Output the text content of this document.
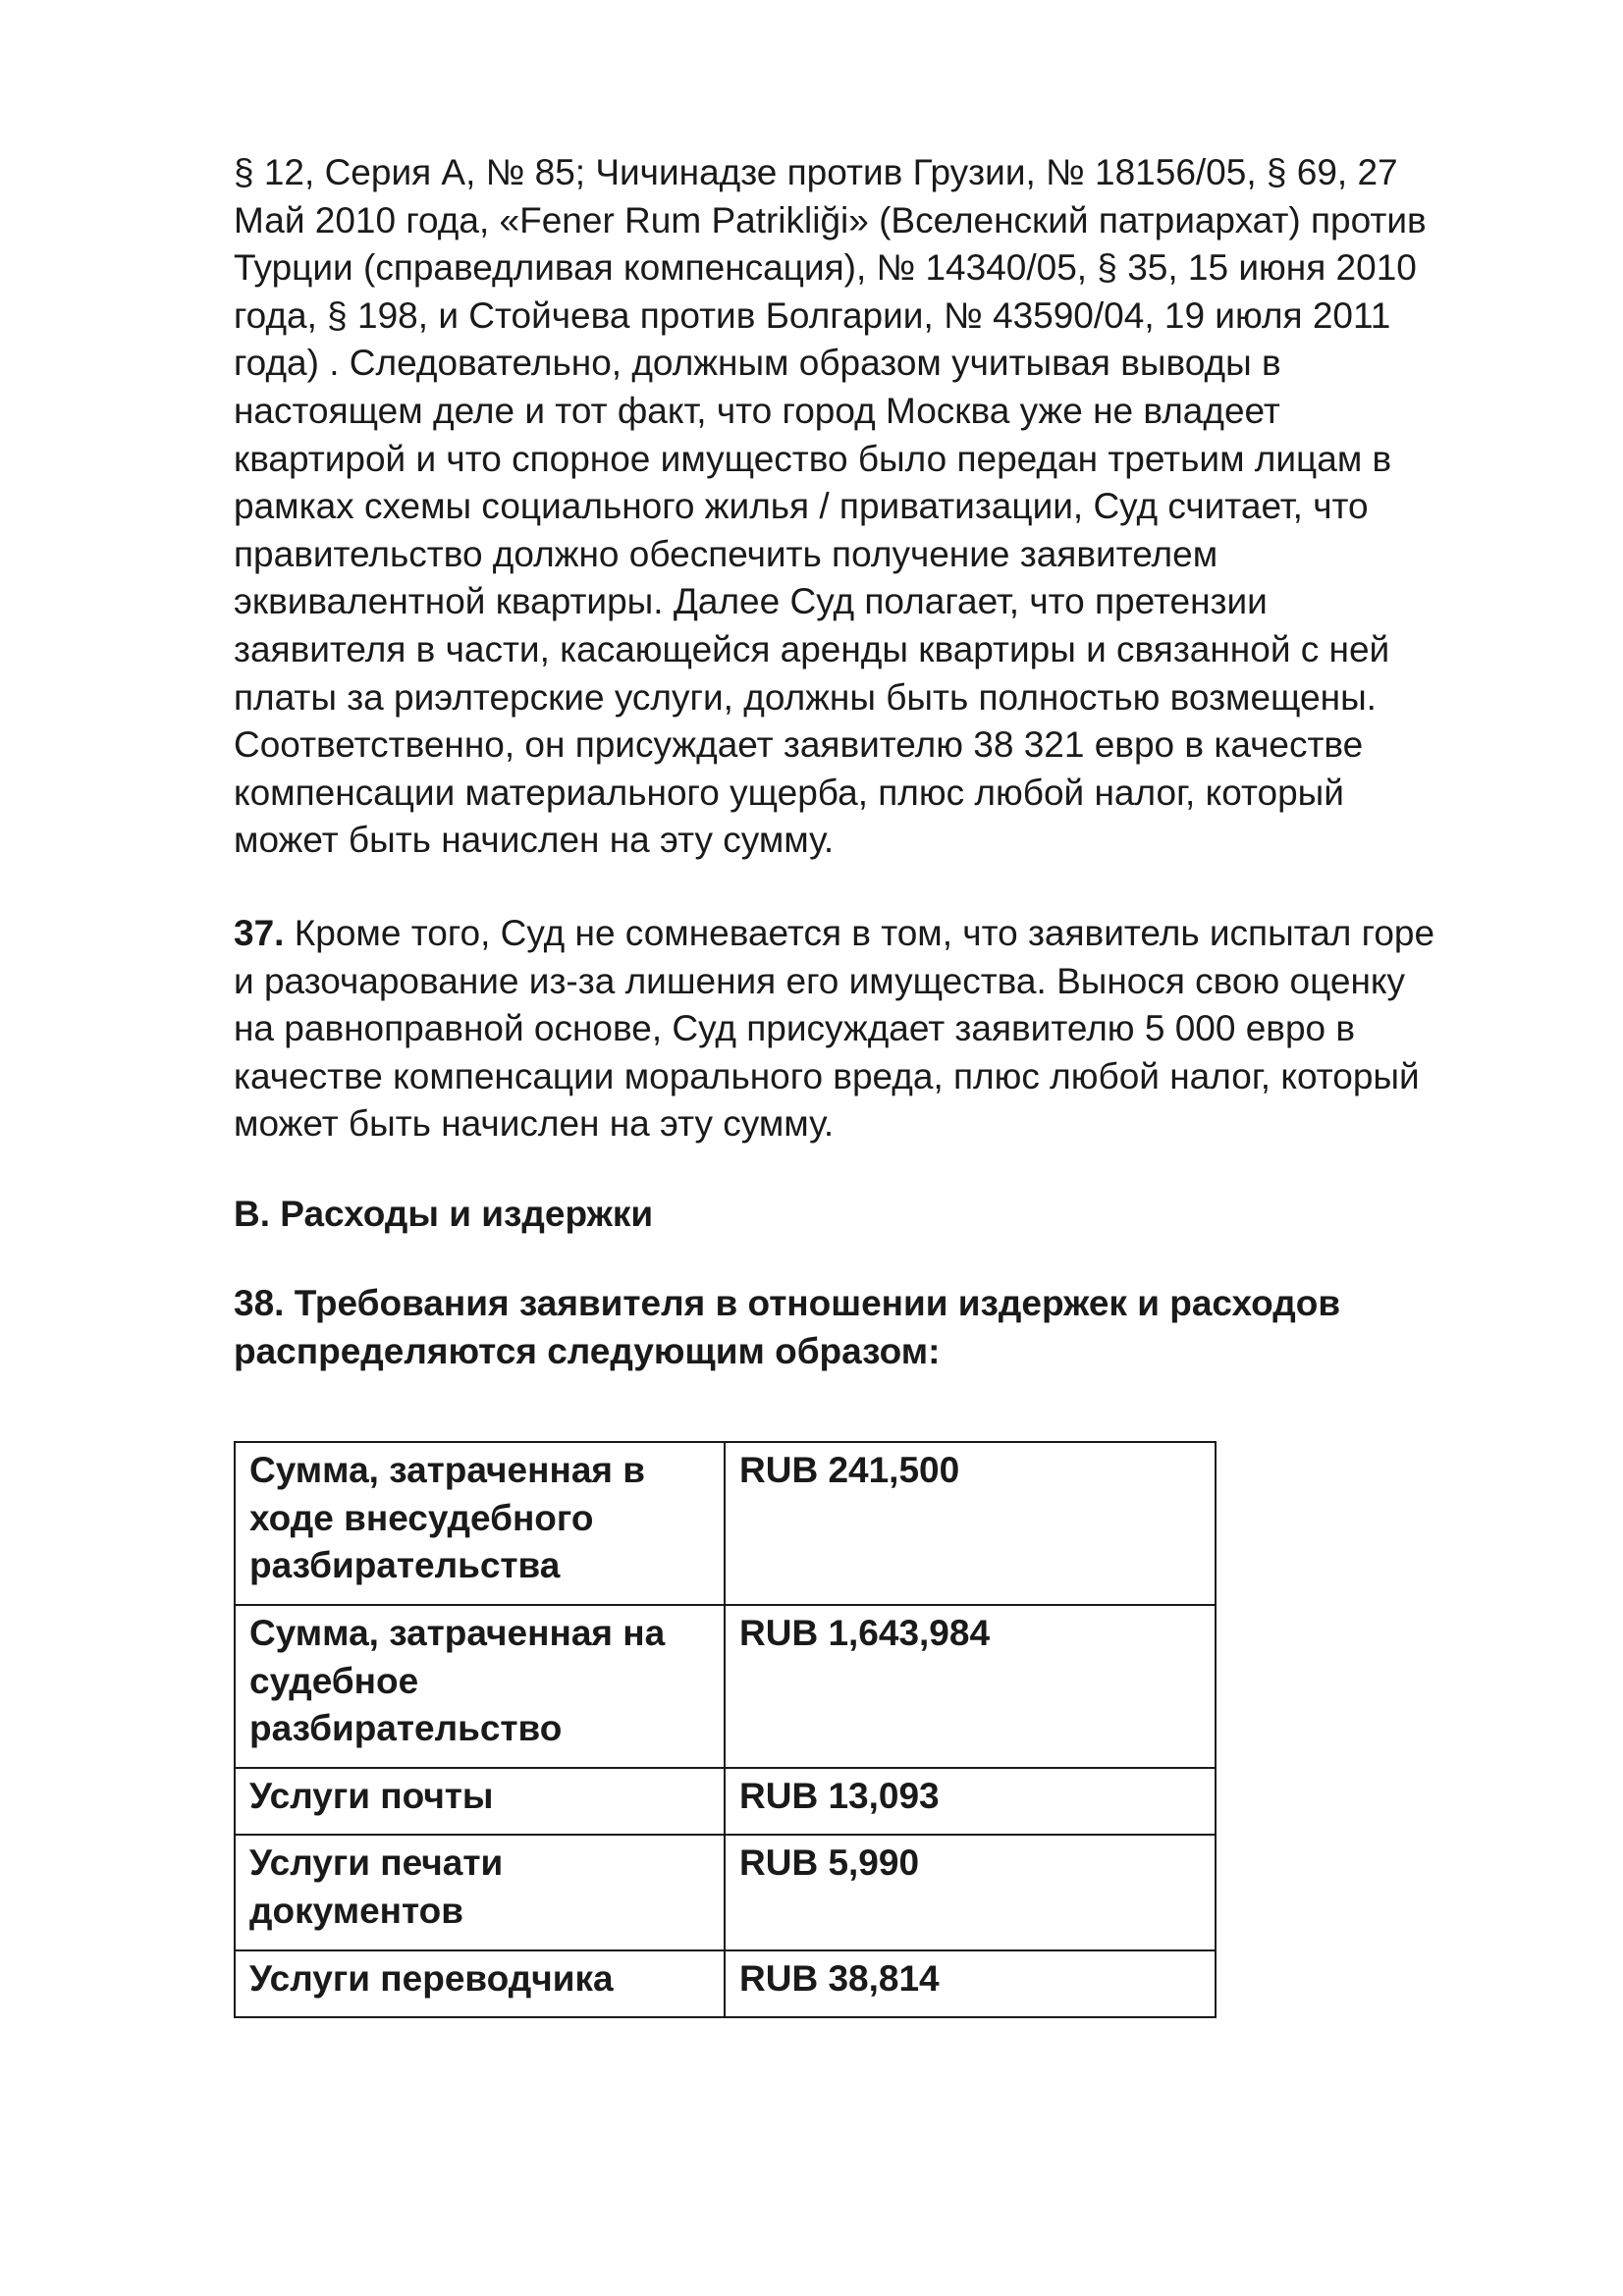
§ 12, Серия А, № 85; Чичинадзе против Грузии, № 18156/05, § 69, 27
Май 2010 года, «Fener Rum Patrikliği» (Вселенский патриархат) против
Турции (справедливая компенсация), № 14340/05, § 35, 15 июня 2010
года, § 198, и Стойчева против Болгарии, № 43590/04, 19 июля 2011
года) . Следовательно, должным образом учитывая выводы в
настоящем деле и тот факт, что город Москва уже не владеет
квартирой и что спорное имущество было передан третьим лицам в
рамках схемы социального жилья / приватизации, Суд считает, что
правительство должно обеспечить получение заявителем
эквивалентной квартиры. Далее Суд полагает, что претензии
заявителя в части, касающейся аренды квартиры и связанной с ней
платы за риэлтерские услуги, должны быть полностью возмещены.
Соответственно, он присуждает заявителю 38 321 евро в качестве
компенсации материального ущерба, плюс любой налог, который
может быть начислен на эту сумму.

37. Кроме того, Суд не сомневается в том, что заявитель испытал горе
и разочарование из-за лишения его имущества. Вынося свою оценку
на равноправной основе, Суд присуждает заявителю 5 000 евро в
качестве компенсации морального вреда, плюс любой налог, который
может быть начислен на эту сумму.

B. Расходы и издержки
38. Требования заявителя в отношении издержек и расходов
распределяются следующим образом:
Сумма, затраченная в
ходе внесудебного
разбирательства	RUB 241,500

Сумма, затраченная на
судебное
разбирательство	RUB 1,643,984

Услуги почты	RUB 13,093

Услуги печати
документов	RUB 5,990

Услуги переводчика	RUB 38,814
